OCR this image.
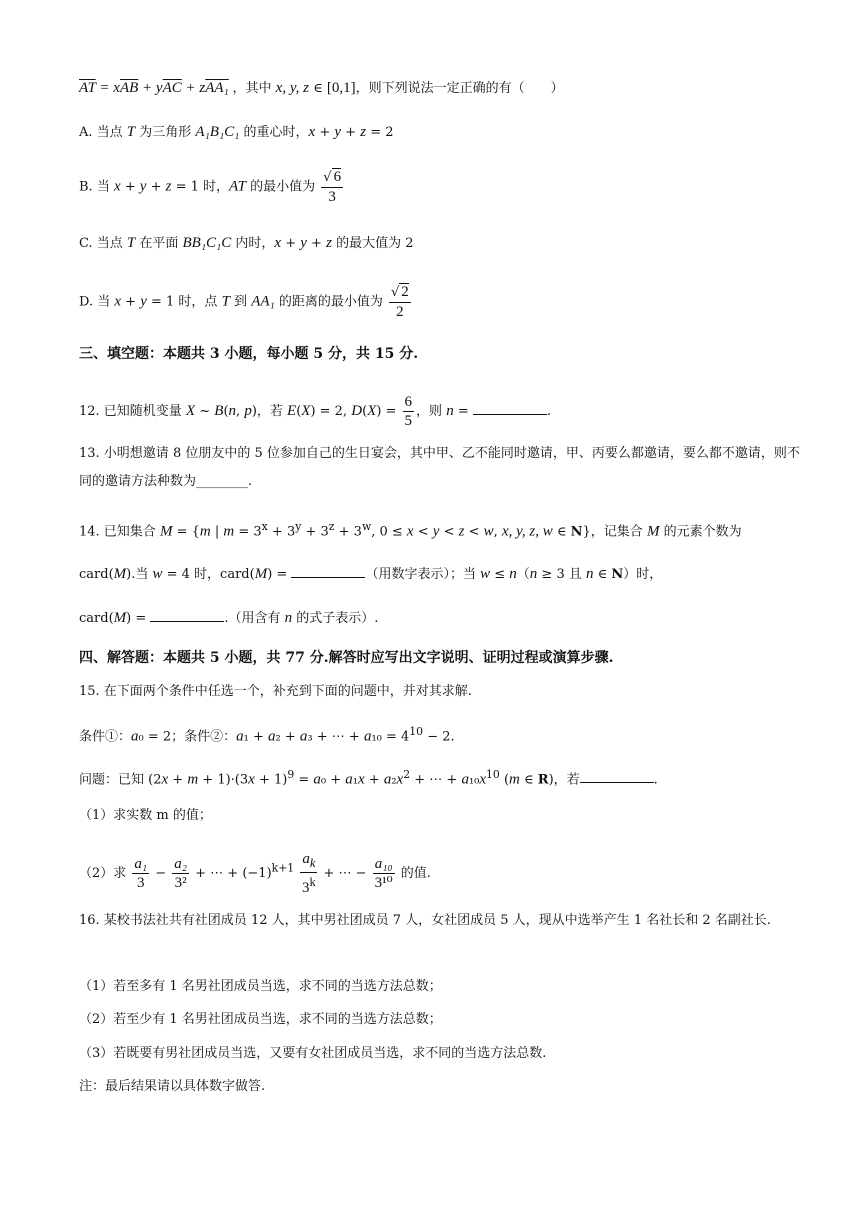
$\overline{AT} = x\overline{AB} + y\overline{AC} + zAA_1$ ，其中 x, y, z ∈ [0,1]，则下列说法一定正确的有（　　）
A. 当点 T 为三角形 A₁B₁C₁ 的重心时，x + y + z = 2
B. 当 x + y + z = 1 时，AT 的最小值为 $\frac{√ 6}{3}$
C. 当点 T 在平面 BB₁C₁C 内时，x + y + z 的最大值为 2
D. 当 x + y = 1 时，点 T 到 AA₁ 的距离的最小值为 $\frac{√ 2}{2}$
三、填空题：本题共 3 小题，每小题 5 分，共 15 分.
12. 已知随机变量 X ~ B(n, p)，若 E(X) = 2, $D(X) = \frac{6}{5}$ ，则 n =	.
13. 小明想邀请 8 位朋友中的 5 位参加自己的生日宴会，其中甲、乙不能同时邀请，甲、丙要么都邀请，要么都不邀请，则不同的邀请方法种数为________.
14. 已知集合 M = {m | $m = 3^x + 3^y + 3^z + 3^w$, 0 ≤ x < y < z < w, x, y, z, w ∈ N}，记集合 M 的元素个数为
card(M).当 w = 4 时，card(M) =	（用数字表示）；当 w ≤ n（n ≥ 3 且 n ∈ N）时，
card(M) =	.（用含有 n 的式子表示）.
四、解答题：本题共 5 小题，共 77 分.解答时应写出文字说明、证明过程或演算步骤.
15. 在下面两个条件中任选一个，补充到下面的问题中，并对其求解.
条件①：a₀ = 2；条件②：a₁ + a₂ + a₃ + ⋯ + $a_{10} = 4^{10} - 2$.
问题：已知 $(2x + m + 1)\cdot(3x + 1)^9 = a_0 + a_1x + a_2x^2$ + ⋯ + $a_{10}x^{10}$ (m ∈ R)，若	.
（1）求实数 m 的值；
（2）求 $\frac{\text{a₁}}{3} - \frac{\text{a₂}}{\text{3²}}$ + ⋯ + $(-1)^{k+1} \frac{a_k}{3^k}$ + ⋯ − $\frac{\text{a₁₀}}{\text{3¹⁰}}$ 的值.
16. 某校书法社共有社团成员 12 人，其中男社团成员 7 人，女社团成员 5 人，现从中选举产生 1 名社长和 2 名副社长.
（1）若至多有 1 名男社团成员当选，求不同的当选方法总数；
（2）若至少有 1 名男社团成员当选，求不同的当选方法总数；
（3）若既要有男社团成员当选，又要有女社团成员当选，求不同的当选方法总数.
注：最后结果请以具体数字做答.
